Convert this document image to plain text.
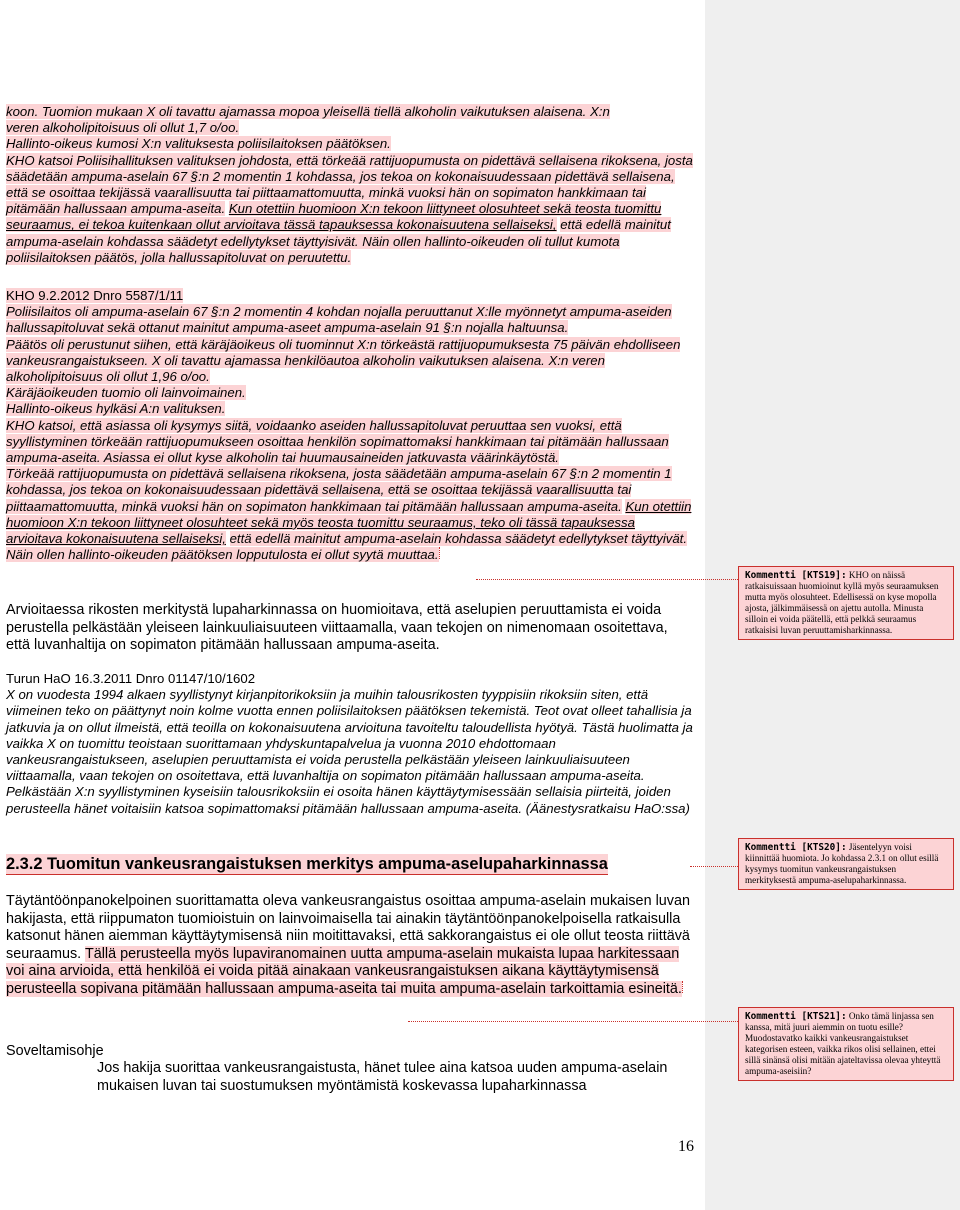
koon. Tuomion mukaan X oli tavattu ajamassa mopoa yleisellä tiellä alkoholin vaikutuksen alaisena. X:n
veren alkoholipitoisuus oli ollut 1,7 o/oo.
Hallinto-oikeus kumosi X:n valituksesta poliisilaitoksen päätöksen.
KHO katsoi Poliisihallituksen valituksen johdosta, että törkeää rattijuopumusta on pidettävä sellaisena rikoksena, josta säädetään ampuma-aselain 67 §:n 2 momentin 1 kohdassa, jos tekoa on kokonaisuudessaan pidettävä sellaisena, että se osoittaa tekijässä vaarallisuutta tai piittaamattomuutta, minkä vuoksi hän on sopimaton hankkimaan tai pitämään hallussaan ampuma-aseita. Kun otettiin huomioon X:n tekoon liittyneet olosuhteet sekä teosta tuomittu seuraamus, ei tekoa kuitenkaan ollut arvioitava tässä tapauksessa kokonaisuutena sellaiseksi, että edellä mainitut ampuma-aselain kohdassa säädetyt edellytykset täyttyisivät. Näin ollen hallinto-oikeuden oli tullut kumota poliisilaitoksen päätös, jolla hallussapitoluvat on peruutettu.
KHO 9.2.2012 Dnro 5587/1/11
Poliisilaitos oli ampuma-aselain 67 §:n 2 momentin 4 kohdan nojalla peruuttanut X:lle myönnetyt ampuma-aseiden hallussapitoluvat sekä ottanut mainitut ampuma-aseet ampuma-aselain 91 §:n nojalla haltuunsa.
Päätös oli perustunut siihen, että käräjäoikeus oli tuominnut X:n törkeästä rattijuopumuksesta 75 päivän ehdolliseen vankeusrangaistukseen. X oli tavattu ajamassa henkilöautoa alkoholin vaikutuksen alaisena. X:n veren alkoholipitoisuus oli ollut 1,96 o/oo.
Käräjäoikeuden tuomio oli lainvoimainen.
Hallinto-oikeus hylkäsi A:n valituksen.
KHO katsoi, että asiassa oli kysymys siitä, voidaanko aseiden hallussapitoluvat peruuttaa sen vuoksi, että syyllistyminen törkeään rattijuopumukseen osoittaa henkilön sopimattomaksi hankkimaan tai pitämään hallussaan ampuma-aseita. Asiassa ei ollut kyse alkoholin tai huumausaineiden jatkuvasta väärinkäytöstä.
Törkeää rattijuopumusta on pidettävä sellaisena rikoksena, josta säädetään ampuma-aselain 67 §:n 2 momentin 1 kohdassa, jos tekoa on kokonaisuudessaan pidettävä sellaisena, että se osoittaa tekijässä vaarallisuutta tai piittaamattomuutta, minkä vuoksi hän on sopimaton hankkimaan tai pitämään hallussaan ampuma-aseita. Kun otettiin huomioon X:n tekoon liittyneet olosuhteet sekä myös teosta tuomittu seuraamus, teko oli tässä tapauksessa arvioitava kokonaisuutena sellaiseksi, että edellä mainitut ampuma-aselain kohdassa säädetyt edellytykset täyttyivät.
Näin ollen hallinto-oikeuden päätöksen lopputulosta ei ollut syytä muuttaa.

Arvioitaessa rikosten merkitystä lupaharkinnassa on huomioitava, että aselupien peruuttamista ei voida perustella pelkästään yleiseen lainkuuliaisuuteen viittaamalla, vaan tekojen on nimenomaan osoitettava, että luvanhaltija on sopimaton pitämään hallussaan ampuma-aseita.

Turun HaO 16.3.2011 Dnro 01147/10/1602
X on vuodesta 1994 alkaen syyllistynyt kirjanpitorikoksiin ja muihin talousrikosten tyyppisiin rikoksiin siten, että viimeinen teko on päättynyt noin kolme vuotta ennen poliisilaitoksen päätöksen tekemistä. Teot ovat olleet tahallisia ja jatkuvia ja on ollut ilmeistä, että teoilla on kokonaisuutena arvioituna tavoiteltu taloudellista hyötyä. Tästä huolimatta ja vaikka X on tuomittu teoistaan suorittamaan yhdyskuntapalvelua ja vuonna 2010 ehdottomaan vankeusrangaistukseen, aselupien peruuttamista ei voida perustella pelkästään yleiseen lainkuuliaisuuteen viittaamalla, vaan tekojen on osoitettava, että luvanhaltija on sopimaton pitämään hallussaan ampuma-aseita. Pelkästään X:n syyllistyminen kyseisiin talousrikoksiin ei osoita hänen käyttäytymisessään sellaisia piirteitä, joiden perusteella hänet voitaisiin katsoa sopimattomaksi pitämään hallussaan ampuma-aseita. (Äänestysratkaisu HaO:ssa)
2.3.2 Tuomitun vankeusrangaistuksen merkitys ampuma-aselupaharkinnassa
Täytäntöönpanokelpoinen suorittamatta oleva vankeusrangaistus osoittaa ampuma-aselain mukaisen luvan hakijasta, että riippumaton tuomioistuin on lainvoimaisella tai ainakin täytäntöönpanokelpoisella ratkaisulla katsonut hänen aiemman käyttäytymisensä niin moitittavaksi, että sakkorangaistus ei ole ollut teosta riittävä seuraamus. Tällä perusteella myös lupaviranomainen uutta ampuma-aselain mukaista lupaa harkitessaan voi aina arvioida, että henkilöä ei voida pitää ainakaan vankeusrangaistuksen aikana käyttäytymisensä perusteella sopivana pitämään hallussaan ampuma-aseita tai muita ampuma-aselain tarkoittamia esineitä.

Soveltamisohje

Jos hakija suorittaa vankeusrangaistusta, hänet tulee aina katsoa uuden ampuma-aselain mukaisen luvan tai suostumuksen myöntämistä koskevassa lupaharkinnassa

16
Kommentti [KTS19]: KHO on näissä ratkaisuissaan huomioinut kyllä myös seuraamuksen mutta myös olosuhteet. Edellisessä on kyse mopolla ajosta, jälkimmäisessä on ajettu autolla. Minusta silloin ei voida päätellä, että pelkkä seuraamus ratkaisisi luvan peruuttamisharkinnassa.
Kommentti [KTS20]: Jäsentelyyn voisi kiinnittää huomiota. Jo kohdassa 2.3.1 on ollut esillä kysymys tuomitun vankeusrangaistuksen merkityksestä ampuma-aselupaharkinnassa.
Kommentti [KTS21]: Onko tämä linjassa sen kanssa, mitä juuri aiemmin on tuotu esille? Muodostavatko kaikki vankeusrangaistukset kategorisen esteen, vaikka rikos olisi sellainen, ettei sillä sinänsä olisi mitään ajateltavissa olevaa yhteyttä ampuma-aseisiin?
